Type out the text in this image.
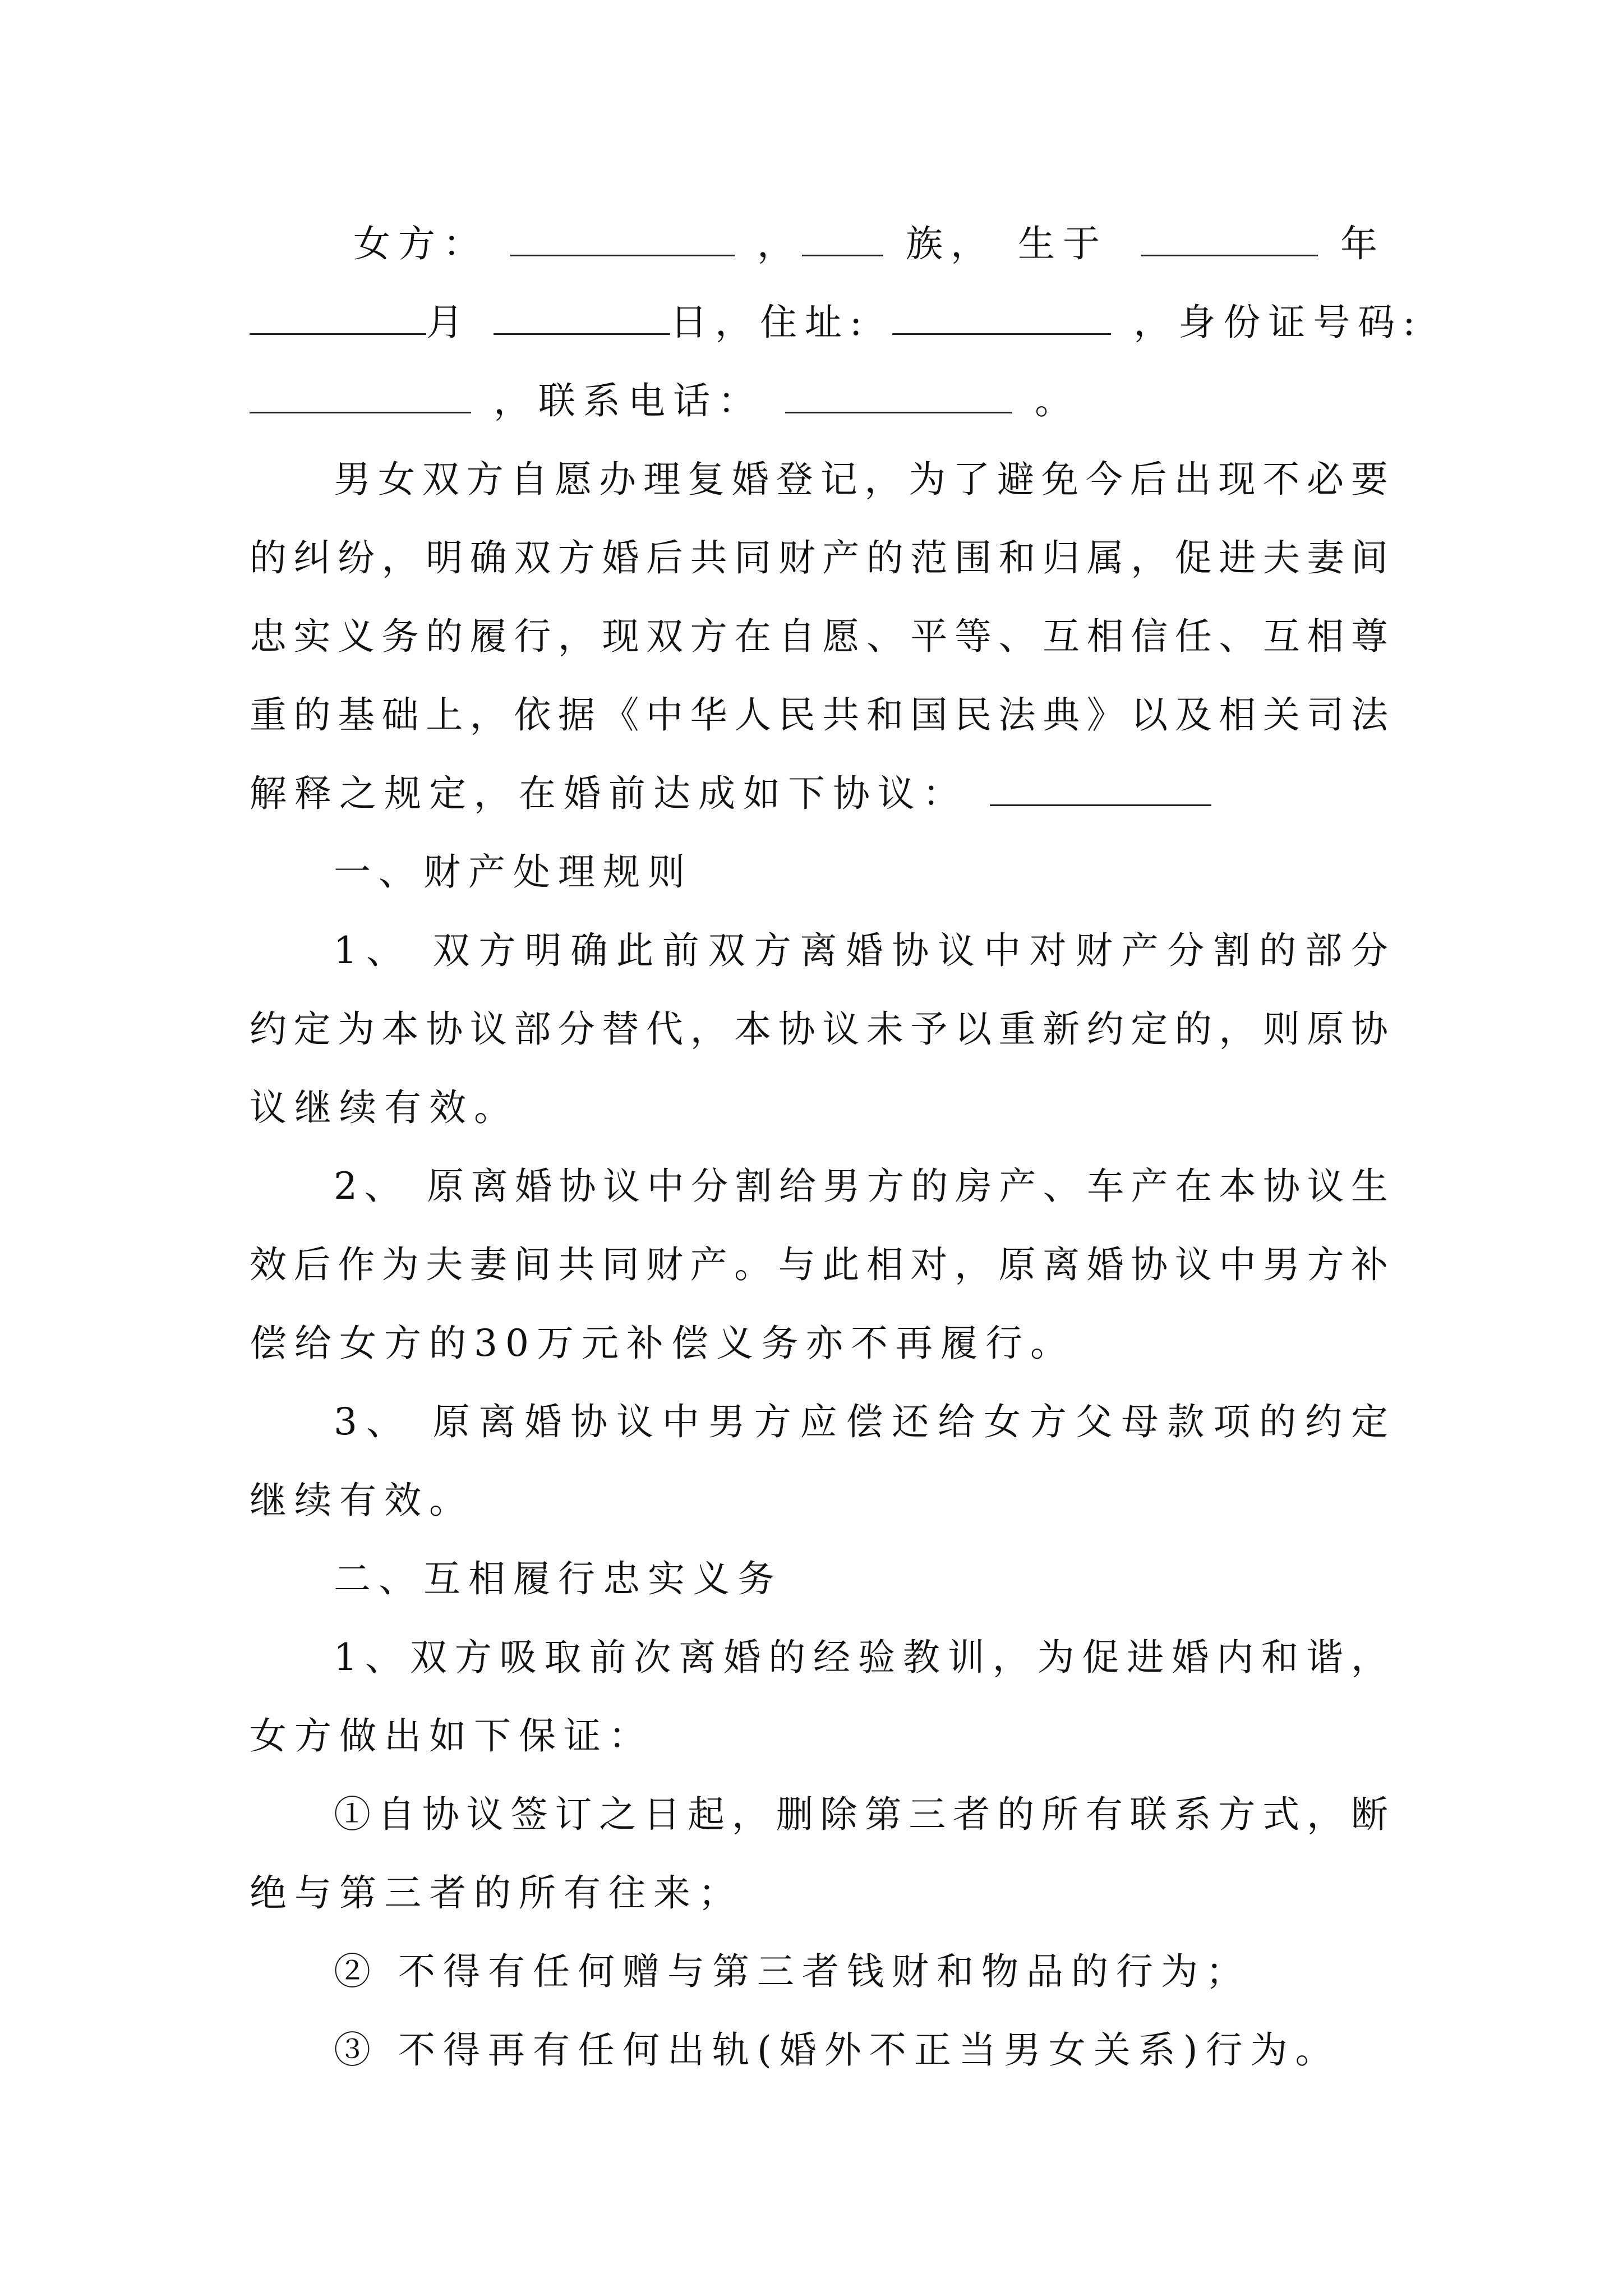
女方：	，	族， 生于	年
月	日，住址:	，身份证号码:
，联系电话：	。
男女双方自愿办理复婚登记，为了避免今后出现不必要
的纠纷，明确双方婚后共同财产的范围和归属，促进夫妻间
忠实义务的履行，现双方在自愿、平等、互相信任、互相尊
重的基础上，依据《中华人民共和国民法典》以及相关司法
解释之规定，在婚前达成如下协议：
一、财产处理规则
1、 双方明确此前双方离婚协议中对财产分割的部分
约定为本协议部分替代，本协议未予以重新约定的，则原协
议继续有效。
2、 原离婚协议中分割给男方的房产、车产在本协议生
效后作为夫妻间共同财产。与此相对，原离婚协议中男方补
偿给女方的30万元补偿义务亦不再履行。
3、 原离婚协议中男方应偿还给女方父母款项的约定
继续有效。
二、互相履行忠实义务
1、双方吸取前次离婚的经验教训，为促进婚内和谐，
女方做出如下保证：
①自协议签订之日起，删除第三者的所有联系方式，断
绝与第三者的所有往来；
② 不得有任何赠与第三者钱财和物品的行为；
③ 不得再有任何出轨(婚外不正当男女关系)行为。
